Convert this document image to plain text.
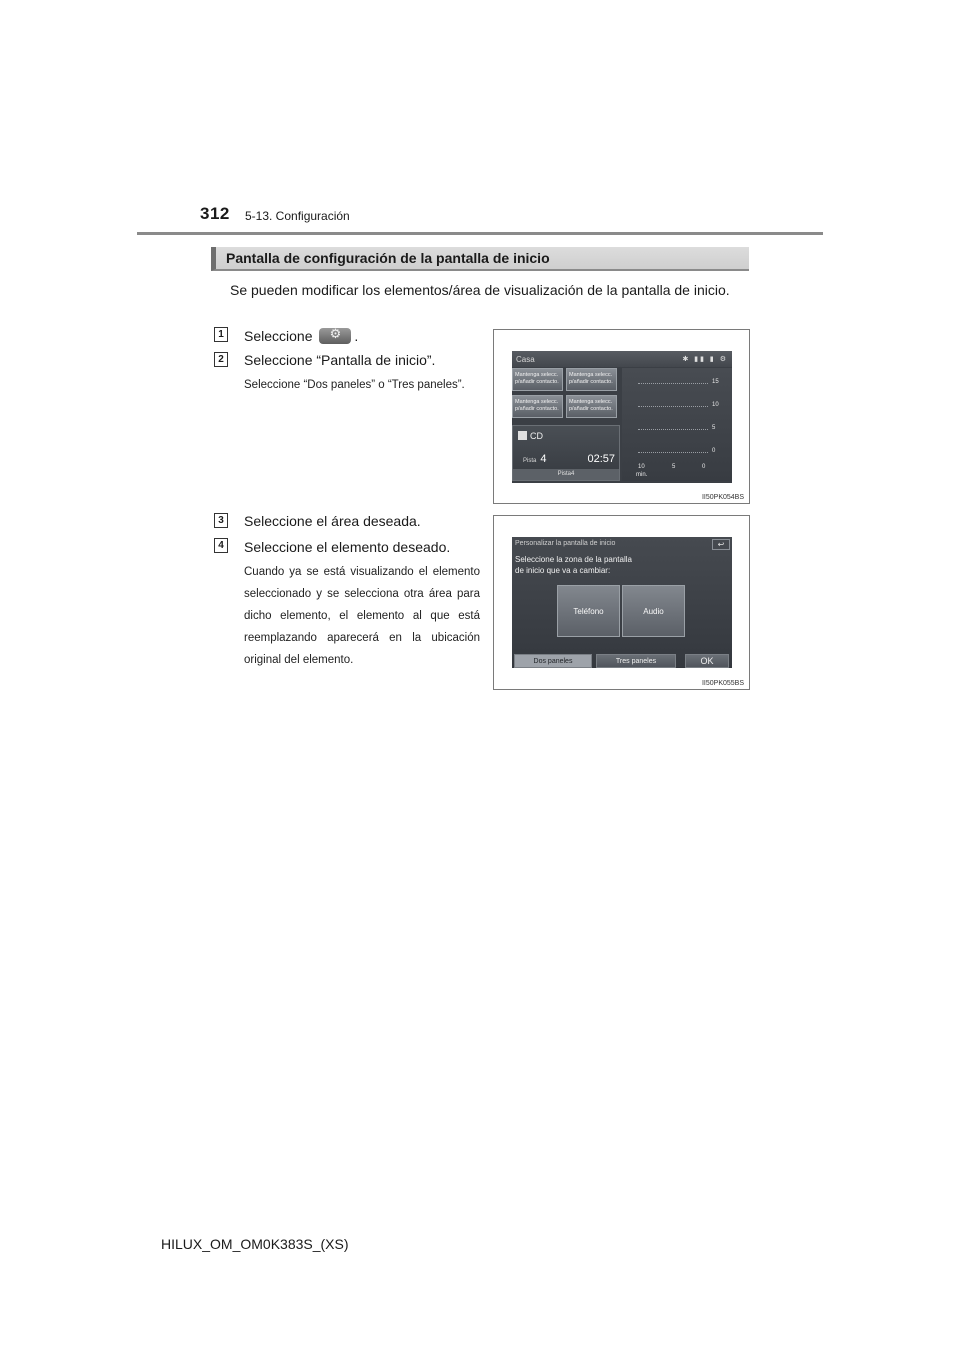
312 5-13. Configuración
Pantalla de configuración de la pantalla de inicio
Se pueden modificar los elementos/área de visualización de la pantalla de inicio.
1	Seleccione ⚙	.
2	Seleccione “Pantalla de inicio”.
Seleccione “Dos paneles” o “Tres paneles”.
Casa	✱ ▮▮ ▮ ⚙
Mantenga selecc. p/añadir contacto.
Mantenga selecc. p/añadir contacto.
Mantenga selecc. p/añadir contacto.
Mantenga selecc. p/añadir contacto.
CD
Pista 4	02:57
Pista4
15
10
5
0
10	5	0
min.
II50PK054BS
3	Seleccione el área deseada.
4	Seleccione el elemento deseado.
Cuando ya se está visualizando el elemento seleccionado y se selecciona otra área para dicho elemento, el elemento al que está reemplazando aparecerá en la ubicación original del elemento.
Personalizar la pantalla de inicio	↩
Seleccione la zona de la pantalla
de inicio que va a cambiar:
Teléfono	Audio
Dos paneles	Tres paneles	OK
II50PK055BS
HILUX_OM_OM0K383S_(XS)
